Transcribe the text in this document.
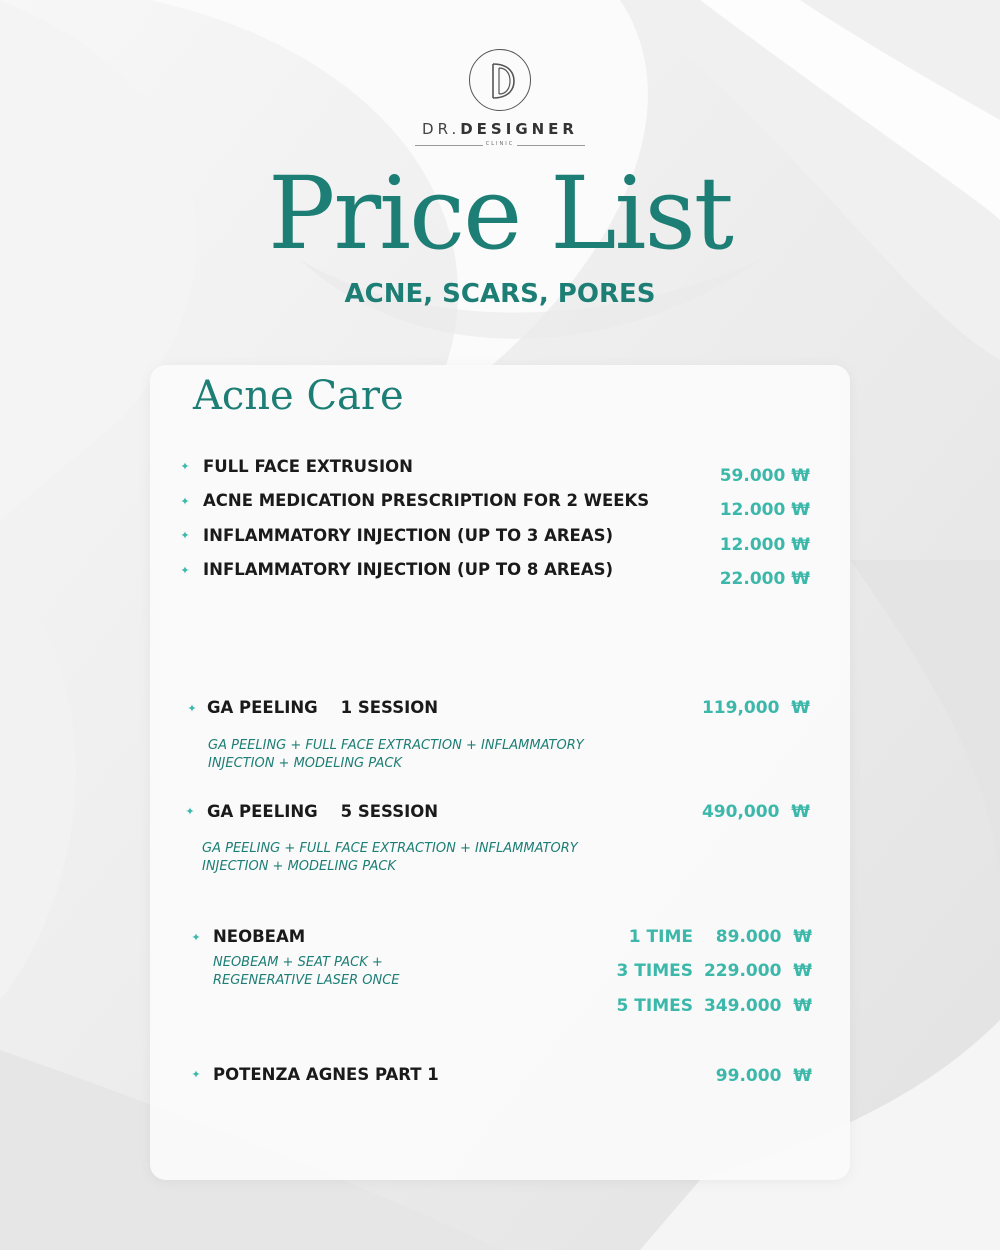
DR.DESIGNER
CLINIC
Price List
ACNE, SCARS, PORES
Acne Care
✦ FULL FACE EXTRUSION	59.000 ₩
✦ ACNE MEDICATION PRESCRIPTION FOR 2 WEEKS	12.000 ₩
✦ INFLAMMATORY INJECTION (UP TO 3 AREAS)	12.000 ₩
✦ INFLAMMATORY INJECTION (UP TO 8 AREAS)	22.000 ₩
✦ GA PEELING    1 SESSION	119,000  ₩
GA PEELING + FULL FACE EXTRACTION + INFLAMMATORY
INJECTION + MODELING PACK
✦ GA PEELING    5 SESSION	490,000  ₩
GA PEELING + FULL FACE EXTRACTION + INFLAMMATORY
INJECTION + MODELING PACK
✦ NEOBEAM
NEOBEAM + SEAT PACK +
REGENERATIVE LASER ONCE
1 TIME 89.000  ₩
3 TIMES 229.000  ₩
5 TIMES 349.000  ₩
✦ POTENZA AGNES PART 1	99.000  ₩
